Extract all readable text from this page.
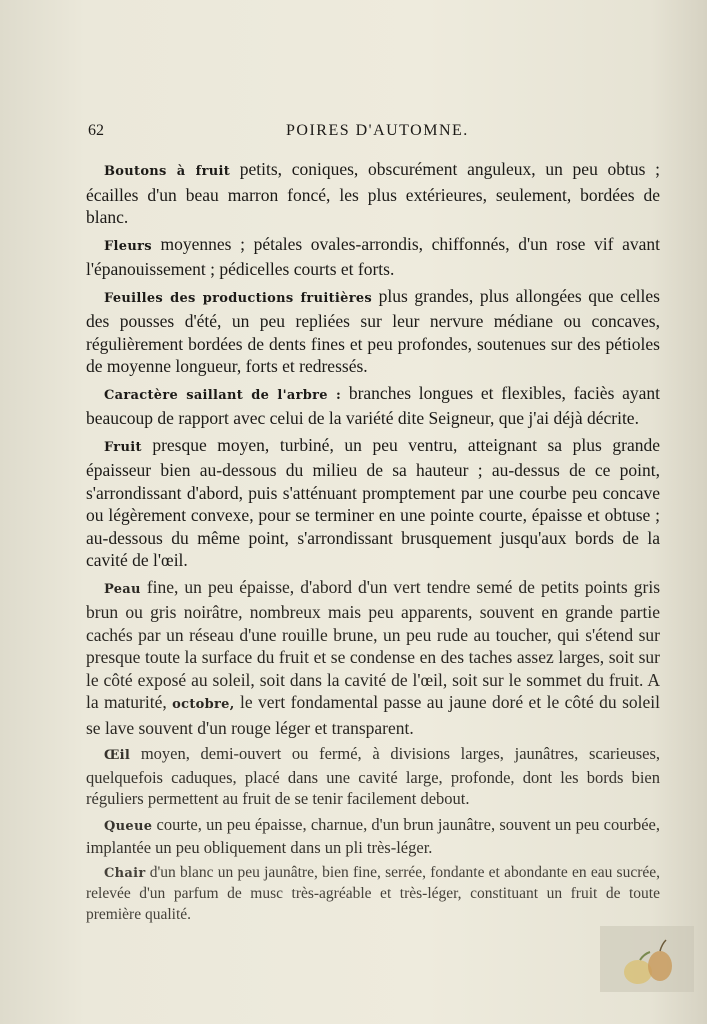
62	POIRES D'AUTOMNE.

Boutons à fruit petits, coniques, obscurément anguleux, un peu obtus ; écailles d'un beau marron foncé, les plus extérieures, seulement, bordées de blanc.

Fleurs moyennes ; pétales ovales-arrondis, chiffonnés, d'un rose vif avant l'épanouissement ; pédicelles courts et forts.

Feuilles des productions fruitières plus grandes, plus allongées que celles des pousses d'été, un peu repliées sur leur nervure médiane ou concaves, régulièrement bordées de dents fines et peu profondes, soutenues sur des pétioles de moyenne longueur, forts et redressés.

Caractère saillant de l'arbre : branches longues et flexibles, faciès ayant beaucoup de rapport avec celui de la variété dite Seigneur, que j'ai déjà décrite.

Fruit presque moyen, turbiné, un peu ventru, atteignant sa plus grande épaisseur bien au-dessous du milieu de sa hauteur ; au-dessus de ce point, s'arrondissant d'abord, puis s'atténuant promptement par une courbe peu concave ou légèrement convexe, pour se terminer en une pointe courte, épaisse et obtuse ; au-dessous du même point, s'arrondissant brusquement jusqu'aux bords de la cavité de l'œil.

Peau fine, un peu épaisse, d'abord d'un vert tendre semé de petits points gris brun ou gris noirâtre, nombreux mais peu apparents, souvent en grande partie cachés par un réseau d'une rouille brune, un peu rude au toucher, qui s'étend sur presque toute la surface du fruit et se condense en des taches assez larges, soit sur le côté exposé au soleil, soit dans la cavité de l'œil, soit sur le sommet du fruit. A la maturité, octobre, le vert fondamental passe au jaune doré et le côté du soleil se lave souvent d'un rouge léger et transparent.

Œil moyen, demi-ouvert ou fermé, à divisions larges, jaunâtres, scarieuses, quelquefois caduques, placé dans une cavité large, profonde, dont les bords bien réguliers permettent au fruit de se tenir facilement debout.

Queue courte, un peu épaisse, charnue, d'un brun jaunâtre, souvent un peu courbée, implantée un peu obliquement dans un pli très-léger.

Chair d'un blanc un peu jaunâtre, bien fine, serrée, fondante et abondante en eau sucrée, relevée d'un parfum de musc très-agréable et très-léger, constituant un fruit de toute première qualité.
